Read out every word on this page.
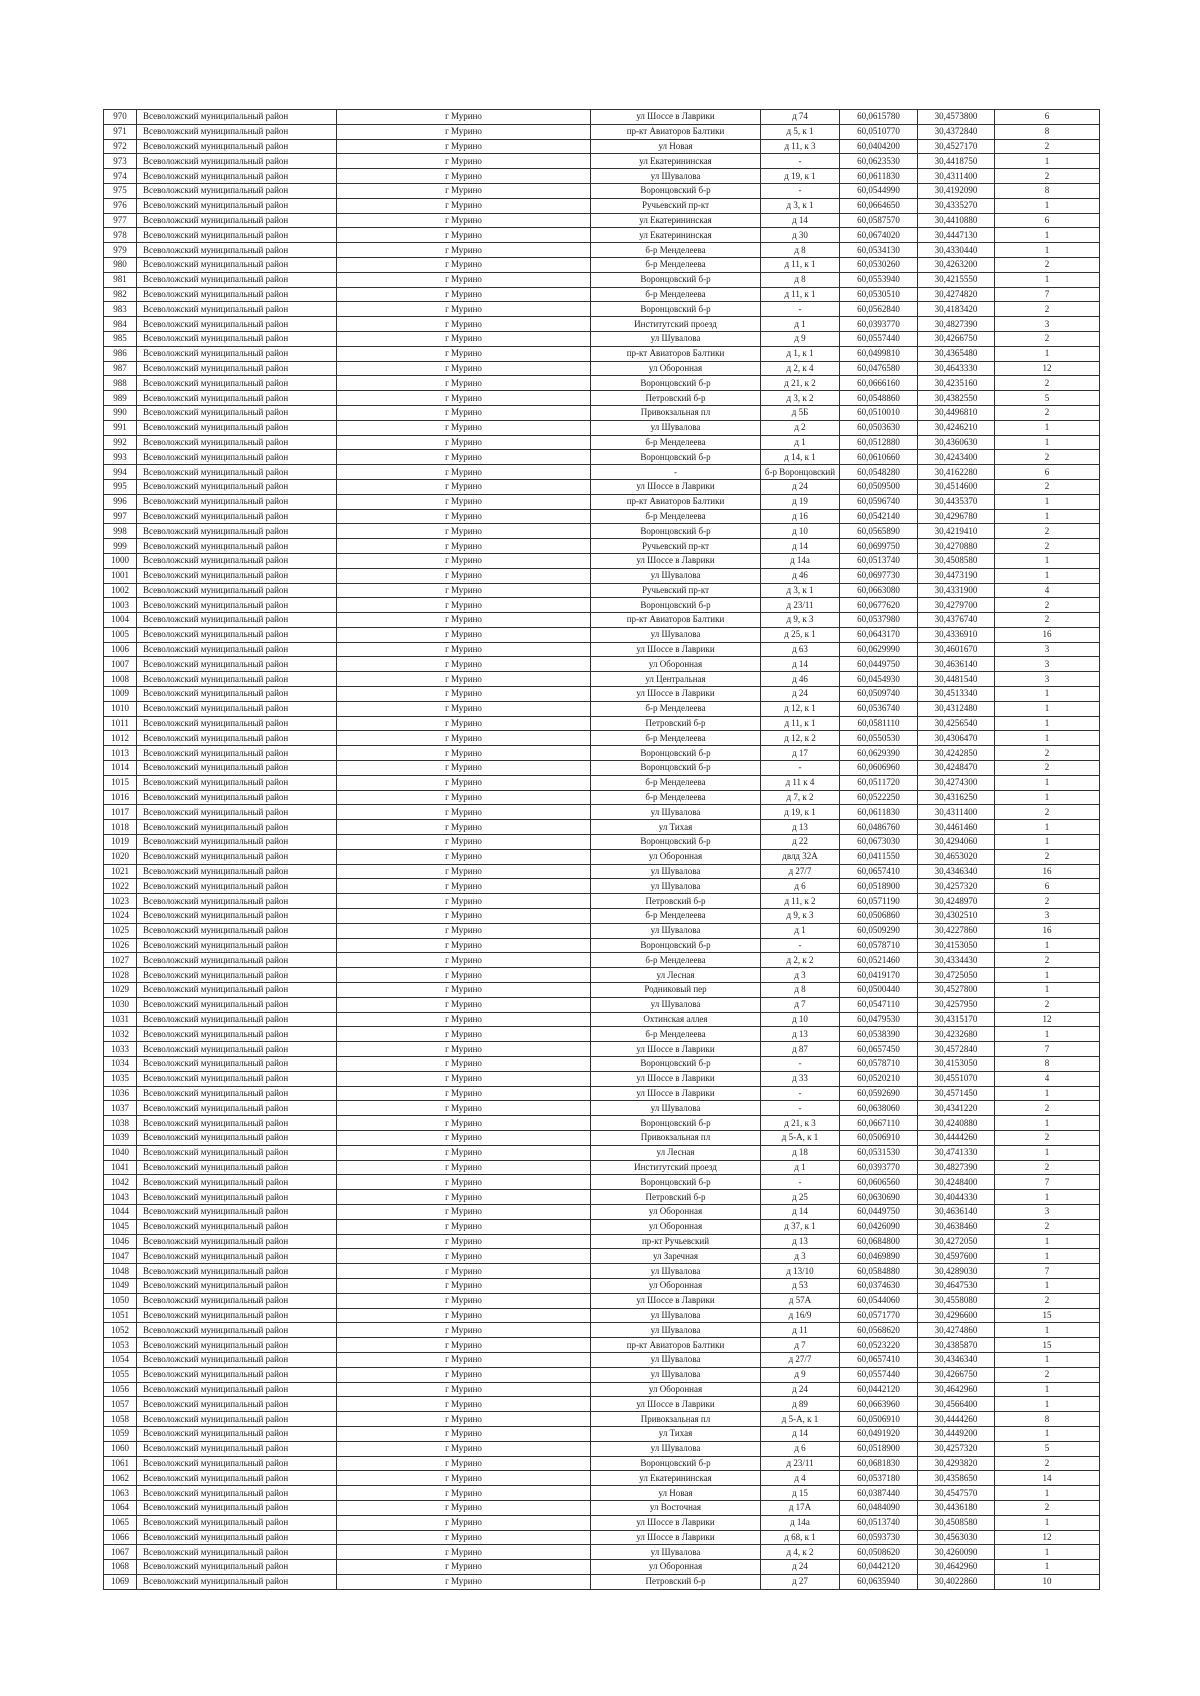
970	Всеволожский муниципальный район	г Мурино	ул Шоссе в Лаврики	д 74	60,0615780	30,4573800	6
971	Всеволожский муниципальный район	г Мурино	пр-кт Авиаторов Балтики	д 5, к 1	60,0510770	30,4372840	8
972	Всеволожский муниципальный район	г Мурино	ул Новая	д 11, к 3	60,0404200	30,4527170	2
973	Всеволожский муниципальный район	г Мурино	ул Екатерининская	-	60,0623530	30,4418750	1
974	Всеволожский муниципальный район	г Мурино	ул Шувалова	д 19, к 1	60,0611830	30,4311400	2
975	Всеволожский муниципальный район	г Мурино	Воронцовский б-р	-	60,0544990	30,4192090	8
976	Всеволожский муниципальный район	г Мурино	Ручьевский пр-кт	д 3, к 1	60,0664650	30,4335270	1
977	Всеволожский муниципальный район	г Мурино	ул Екатерининская	д 14	60,0587570	30,4410880	6
978	Всеволожский муниципальный район	г Мурино	ул Екатерининская	д 30	60,0674020	30,4447130	1
979	Всеволожский муниципальный район	г Мурино	б-р Менделеева	д 8	60,0534130	30,4330440	1
980	Всеволожский муниципальный район	г Мурино	б-р Менделеева	д 11, к 1	60,0530260	30,4263200	2
981	Всеволожский муниципальный район	г Мурино	Воронцовский б-р	д 8	60,0553940	30,4215550	1
982	Всеволожский муниципальный район	г Мурино	б-р Менделеева	д 11, к 1	60,0530510	30,4274820	7
983	Всеволожский муниципальный район	г Мурино	Воронцовский б-р	-	60,0562840	30,4183420	2
984	Всеволожский муниципальный район	г Мурино	Институтский проезд	д 1	60,0393770	30,4827390	3
985	Всеволожский муниципальный район	г Мурино	ул Шувалова	д 9	60,0557440	30,4266750	2
986	Всеволожский муниципальный район	г Мурино	пр-кт Авиаторов Балтики	д 1, к 1	60,0499810	30,4365480	1
987	Всеволожский муниципальный район	г Мурино	ул Оборонная	д 2, к 4	60,0476580	30,4643330	12
988	Всеволожский муниципальный район	г Мурино	Воронцовский б-р	д 21, к 2	60,0666160	30,4235160	2
989	Всеволожский муниципальный район	г Мурино	Петровский б-р	д 3, к 2	60,0548860	30,4382550	5
990	Всеволожский муниципальный район	г Мурино	Привокзальная пл	д 5Б	60,0510010	30,4496810	2
991	Всеволожский муниципальный район	г Мурино	ул Шувалова	д 2	60,0503630	30,4246210	1
992	Всеволожский муниципальный район	г Мурино	б-р Менделеева	д 1	60,0512880	30,4360630	1
993	Всеволожский муниципальный район	г Мурино	Воронцовский б-р	д 14, к 1	60,0610660	30,4243400	2
994	Всеволожский муниципальный район	г Мурино	-	б-р Воронцовский	60,0548280	30,4162280	6
995	Всеволожский муниципальный район	г Мурино	ул Шоссе в Лаврики	д 24	60,0509500	30,4514600	2
996	Всеволожский муниципальный район	г Мурино	пр-кт Авиаторов Балтики	д 19	60,0596740	30,4435370	1
997	Всеволожский муниципальный район	г Мурино	б-р Менделеева	д 16	60,0542140	30,4296780	1
998	Всеволожский муниципальный район	г Мурино	Воронцовский б-р	д 10	60,0565890	30,4219410	2
999	Всеволожский муниципальный район	г Мурино	Ручьевский пр-кт	д 14	60,0699750	30,4270880	2
1000	Всеволожский муниципальный район	г Мурино	ул Шоссе в Лаврики	д 14а	60,0513740	30,4508580	1
1001	Всеволожский муниципальный район	г Мурино	ул Шувалова	д 46	60,0697730	30,4473190	1
1002	Всеволожский муниципальный район	г Мурино	Ручьевский пр-кт	д 3, к 1	60,0663080	30,4331900	4
1003	Всеволожский муниципальный район	г Мурино	Воронцовский б-р	д 23/11	60,0677620	30,4279700	2
1004	Всеволожский муниципальный район	г Мурино	пр-кт Авиаторов Балтики	д 9, к 3	60,0537980	30,4376740	2
1005	Всеволожский муниципальный район	г Мурино	ул Шувалова	д 25, к 1	60,0643170	30,4336910	16
1006	Всеволожский муниципальный район	г Мурино	ул Шоссе в Лаврики	д 63	60,0629990	30,4601670	3
1007	Всеволожский муниципальный район	г Мурино	ул Оборонная	д 14	60,0449750	30,4636140	3
1008	Всеволожский муниципальный район	г Мурино	ул Центральная	д 46	60,0454930	30,4481540	3
1009	Всеволожский муниципальный район	г Мурино	ул Шоссе в Лаврики	д 24	60,0509740	30,4513340	1
1010	Всеволожский муниципальный район	г Мурино	б-р Менделеева	д 12, к 1	60,0536740	30,4312480	1
1011	Всеволожский муниципальный район	г Мурино	Петровский б-р	д 11, к 1	60,0581110	30,4256540	1
1012	Всеволожский муниципальный район	г Мурино	б-р Менделеева	д 12, к 2	60,0550530	30,4306470	1
1013	Всеволожский муниципальный район	г Мурино	Воронцовский б-р	д 17	60,0629390	30,4242850	2
1014	Всеволожский муниципальный район	г Мурино	Воронцовский б-р	-	60,0606960	30,4248470	2
1015	Всеволожский муниципальный район	г Мурино	б-р Менделеева	д 11 к 4	60,0511720	30,4274300	1
1016	Всеволожский муниципальный район	г Мурино	б-р Менделеева	д 7, к 2	60,0522250	30,4316250	1
1017	Всеволожский муниципальный район	г Мурино	ул Шувалова	д 19, к 1	60,0611830	30,4311400	2
1018	Всеволожский муниципальный район	г Мурино	ул Тихая	д 13	60,0486760	30,4461460	1
1019	Всеволожский муниципальный район	г Мурино	Воронцовский б-р	д 22	60,0673030	30,4294060	1
1020	Всеволожский муниципальный район	г Мурино	ул Оборонная	двлд 32А	60,0411550	30,4653020	2
1021	Всеволожский муниципальный район	г Мурино	ул Шувалова	д 27/7	60,0657410	30,4346340	16
1022	Всеволожский муниципальный район	г Мурино	ул Шувалова	д 6	60,0518900	30,4257320	6
1023	Всеволожский муниципальный район	г Мурино	Петровский б-р	д 11, к 2	60,0571190	30,4248970	2
1024	Всеволожский муниципальный район	г Мурино	б-р Менделеева	д 9, к 3	60,0506860	30,4302510	3
1025	Всеволожский муниципальный район	г Мурино	ул Шувалова	д 1	60,0509290	30,4227860	16
1026	Всеволожский муниципальный район	г Мурино	Воронцовский б-р	-	60,0578710	30,4153050	1
1027	Всеволожский муниципальный район	г Мурино	б-р Менделеева	д 2, к 2	60,0521460	30,4334430	2
1028	Всеволожский муниципальный район	г Мурино	ул Лесная	д 3	60,0419170	30,4725050	1
1029	Всеволожский муниципальный район	г Мурино	Родниковый пер	д 8	60,0500440	30,4527800	1
1030	Всеволожский муниципальный район	г Мурино	ул Шувалова	д 7	60,0547110	30,4257950	2
1031	Всеволожский муниципальный район	г Мурино	Охтинская аллея	д 10	60,0479530	30,4315170	12
1032	Всеволожский муниципальный район	г Мурино	б-р Менделеева	д 13	60,0538390	30,4232680	1
1033	Всеволожский муниципальный район	г Мурино	ул Шоссе в Лаврики	д 87	60,0657450	30,4572840	7
1034	Всеволожский муниципальный район	г Мурино	Воронцовский б-р	-	60,0578710	30,4153050	8
1035	Всеволожский муниципальный район	г Мурино	ул Шоссе в Лаврики	д 33	60,0520210	30,4551070	4
1036	Всеволожский муниципальный район	г Мурино	ул Шоссе в Лаврики	-	60,0592690	30,4571450	1
1037	Всеволожский муниципальный район	г Мурино	ул Шувалова	-	60,0638060	30,4341220	2
1038	Всеволожский муниципальный район	г Мурино	Воронцовский б-р	д 21, к 3	60,0667110	30,4240880	1
1039	Всеволожский муниципальный район	г Мурино	Привокзальная пл	д 5-А, к 1	60,0506910	30,4444260	2
1040	Всеволожский муниципальный район	г Мурино	ул Лесная	д 18	60,0531530	30,4741330	1
1041	Всеволожский муниципальный район	г Мурино	Институтский проезд	д 1	60,0393770	30,4827390	2
1042	Всеволожский муниципальный район	г Мурино	Воронцовский б-р	-	60,0606560	30,4248400	7
1043	Всеволожский муниципальный район	г Мурино	Петровский б-р	д 25	60,0630690	30,4044330	1
1044	Всеволожский муниципальный район	г Мурино	ул Оборонная	д 14	60,0449750	30,4636140	3
1045	Всеволожский муниципальный район	г Мурино	ул Оборонная	д 37, к 1	60,0426090	30,4638460	2
1046	Всеволожский муниципальный район	г Мурино	пр-кт Ручьевский	д 13	60,0684800	30,4272050	1
1047	Всеволожский муниципальный район	г Мурино	ул Заречная	д 3	60,0469890	30,4597600	1
1048	Всеволожский муниципальный район	г Мурино	ул Шувалова	д 13/10	60,0584880	30,4289030	7
1049	Всеволожский муниципальный район	г Мурино	ул Оборонная	д 53	60,0374630	30,4647530	1
1050	Всеволожский муниципальный район	г Мурино	ул Шоссе в Лаврики	д 57А	60,0544060	30,4558080	2
1051	Всеволожский муниципальный район	г Мурино	ул Шувалова	д 16/9	60,0571770	30,4296600	15
1052	Всеволожский муниципальный район	г Мурино	ул Шувалова	д 11	60,0568620	30,4274860	1
1053	Всеволожский муниципальный район	г Мурино	пр-кт Авиаторов Балтики	д 7	60,0523220	30,4385870	15
1054	Всеволожский муниципальный район	г Мурино	ул Шувалова	д 27/7	60,0657410	30,4346340	1
1055	Всеволожский муниципальный район	г Мурино	ул Шувалова	д 9	60,0557440	30,4266750	2
1056	Всеволожский муниципальный район	г Мурино	ул Оборонная	д 24	60,0442120	30,4642960	1
1057	Всеволожский муниципальный район	г Мурино	ул Шоссе в Лаврики	д 89	60,0663960	30,4566400	1
1058	Всеволожский муниципальный район	г Мурино	Привокзальная пл	д 5-А, к 1	60,0506910	30,4444260	8
1059	Всеволожский муниципальный район	г Мурино	ул Тихая	д 14	60,0491920	30,4449200	1
1060	Всеволожский муниципальный район	г Мурино	ул Шувалова	д 6	60,0518900	30,4257320	5
1061	Всеволожский муниципальный район	г Мурино	Воронцовский б-р	д 23/11	60,0681830	30,4293820	2
1062	Всеволожский муниципальный район	г Мурино	ул Екатерининская	д 4	60,0537180	30,4358650	14
1063	Всеволожский муниципальный район	г Мурино	ул Новая	д 15	60,0387440	30,4547570	1
1064	Всеволожский муниципальный район	г Мурино	ул Восточная	д 17А	60,0484090	30,4436180	2
1065	Всеволожский муниципальный район	г Мурино	ул Шоссе в Лаврики	д 14а	60,0513740	30,4508580	1
1066	Всеволожский муниципальный район	г Мурино	ул Шоссе в Лаврики	д 68, к 1	60,0593730	30,4563030	12
1067	Всеволожский муниципальный район	г Мурино	ул Шувалова	д 4, к 2	60,0508620	30,4260090	1
1068	Всеволожский муниципальный район	г Мурино	ул Оборонная	д 24	60,0442120	30,4642960	1
1069	Всеволожский муниципальный район	г Мурино	Петровский б-р	д 27	60,0635940	30,4022860	10
